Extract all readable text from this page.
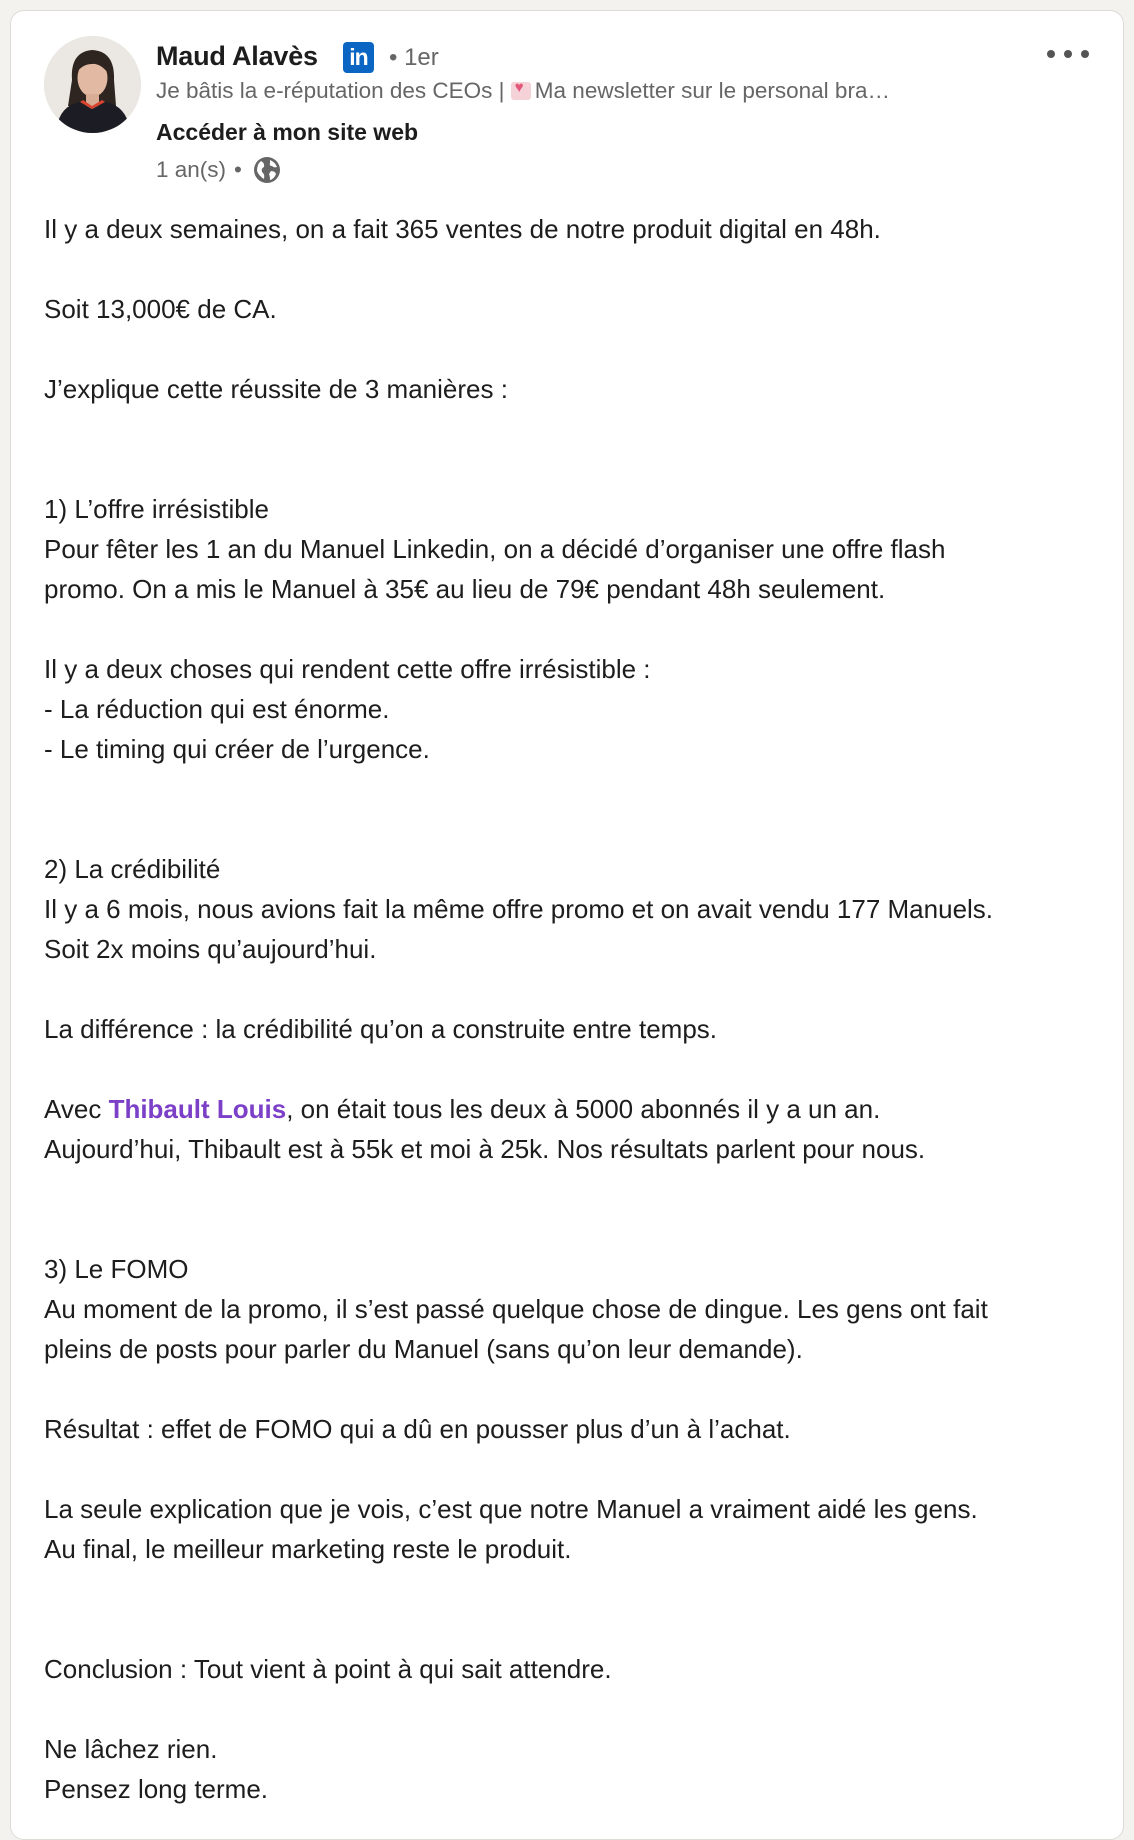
Maud Alavès in • 1er
Je bâtis la e-réputation des CEOs | ♥ Ma newsletter sur le personal bra…
Accéder à mon site web
1 an(s) •

Il y a deux semaines, on a fait 365 ventes de notre produit digital en 48h.

Soit 13,000€ de CA.

J’explique cette réussite de 3 manières :

1) L’offre irrésistible

Pour fêter les 1 an du Manuel Linkedin, on a décidé d’organiser une offre flash

promo. On a mis le Manuel à 35€ au lieu de 79€ pendant 48h seulement.

Il y a deux choses qui rendent cette offre irrésistible :

- La réduction qui est énorme.

- Le timing qui créer de l’urgence.

2) La crédibilité

Il y a 6 mois, nous avions fait la même offre promo et on avait vendu 177 Manuels.

Soit 2x moins qu’aujourd’hui.

La différence : la crédibilité qu’on a construite entre temps.

Avec Thibault Louis, on était tous les deux à 5000 abonnés il y a un an.

Aujourd’hui, Thibault est à 55k et moi à 25k. Nos résultats parlent pour nous.

3) Le FOMO

Au moment de la promo, il s’est passé quelque chose de dingue. Les gens ont fait

pleins de posts pour parler du Manuel (sans qu’on leur demande).

Résultat : effet de FOMO qui a dû en pousser plus d’un à l’achat.

La seule explication que je vois, c’est que notre Manuel a vraiment aidé les gens.

Au final, le meilleur marketing reste le produit.

Conclusion : Tout vient à point à qui sait attendre.

Ne lâchez rien.

Pensez long terme.
